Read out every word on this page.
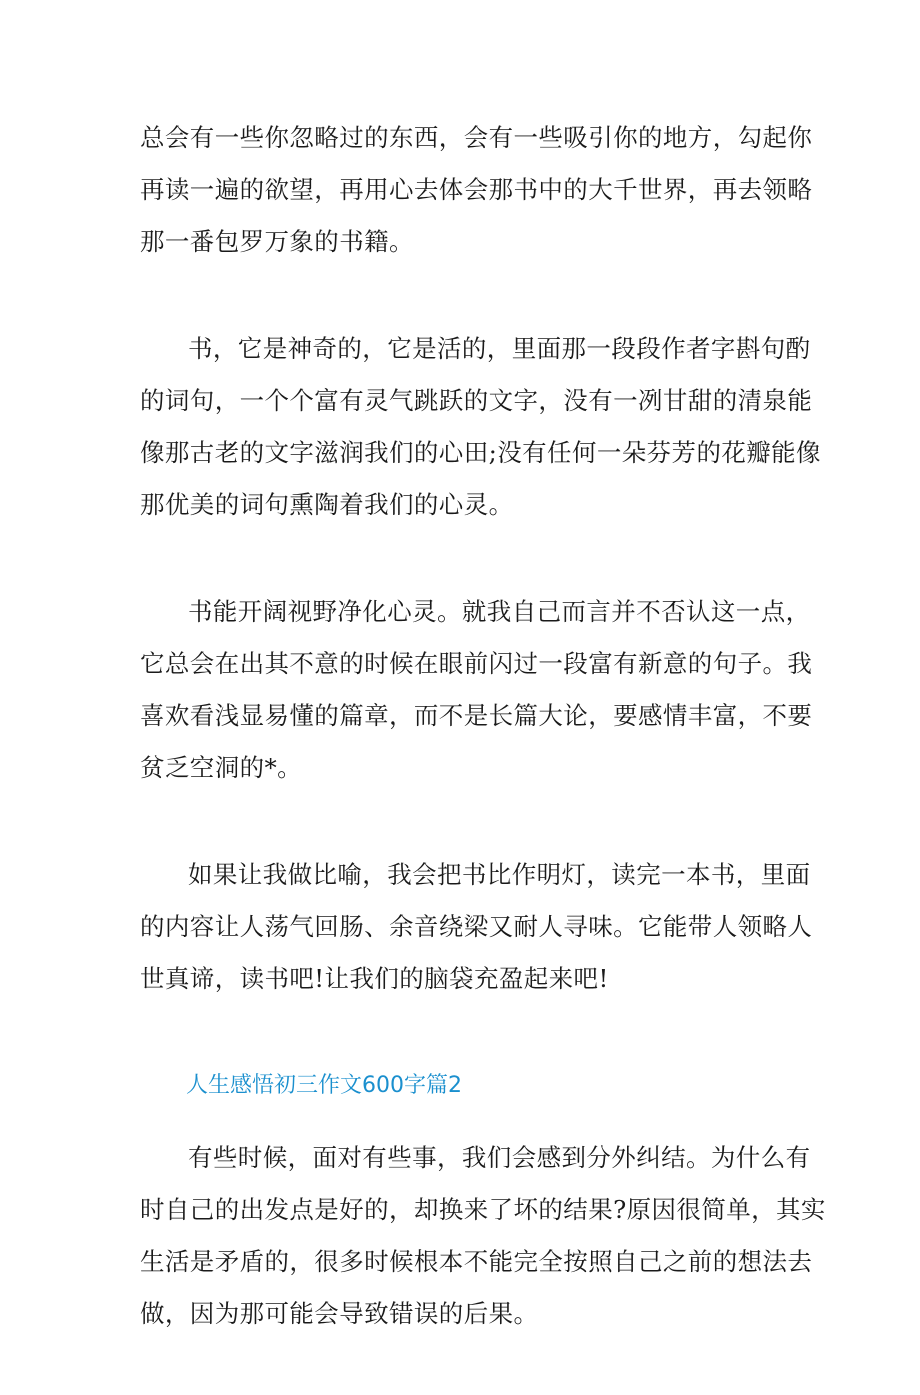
总会有一些你忽略过的东西，会有一些吸引你的地方，勾起你
再读一遍的欲望，再用心去体会那书中的大千世界，再去领略
那一番包罗万象的书籍。
书，它是神奇的，它是活的，里面那一段段作者字斟句酌
的词句，一个个富有灵气跳跃的文字，没有一冽甘甜的清泉能
像那古老的文字滋润我们的心田;没有任何一朵芬芳的花瓣能像
那优美的词句熏陶着我们的心灵。
书能开阔视野净化心灵。就我自己而言并不否认这一点，
它总会在出其不意的时候在眼前闪过一段富有新意的句子。我
喜欢看浅显易懂的篇章，而不是长篇大论，要感情丰富，不要
贫乏空洞的*。
如果让我做比喻，我会把书比作明灯，读完一本书，里面
的内容让人荡气回肠、余音绕梁又耐人寻味。它能带人领略人
世真谛，读书吧!让我们的脑袋充盈起来吧!
人生感悟初三作文600字篇2
有些时候，面对有些事，我们会感到分外纠结。为什么有
时自己的出发点是好的，却换来了坏的结果?原因很简单，其实
生活是矛盾的，很多时候根本不能完全按照自己之前的想法去
做，因为那可能会导致错误的后果。
